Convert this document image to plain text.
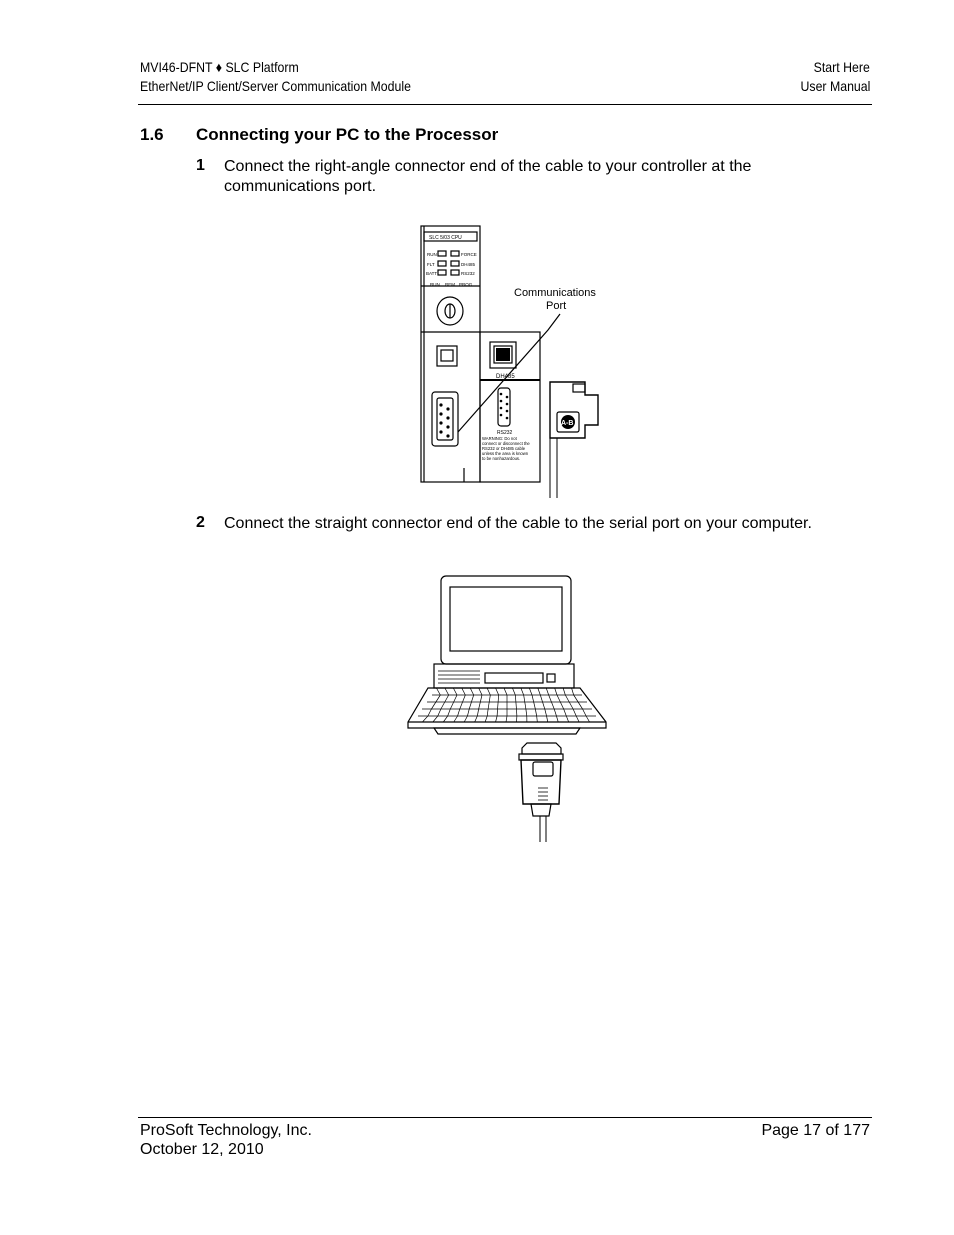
MVI46-DFNT ♦ SLC Platform
EtherNet/IP Client/Server Communication Module
Start Here
User Manual
1.6 Connecting your PC to the Processor
1 Connect the right-angle connector end of the cable to your controller at the communications port.
SLC 5/03 CPU
RUN
FLT
BATT
FORCE
DH485
RS232
RUN REM PROG
DH485
RS232
WARNING: Do not
connect or disconnect the
RS232 or DH485 cable
unless the area is known
to be nonhazardous.
Communications
Port
A-B
2 Connect the straight connector end of the cable to the serial port on your computer.
ProSoft Technology, Inc.
October 12, 2010
Page 17 of 177
